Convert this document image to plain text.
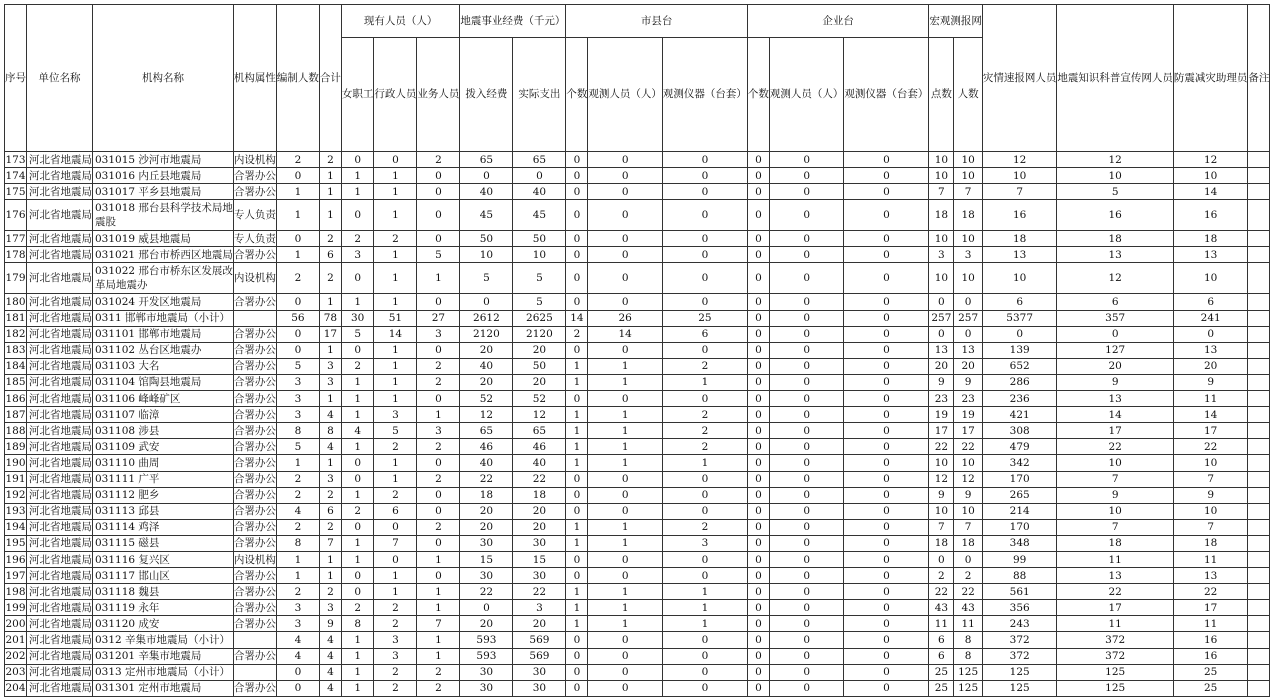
序号	单位名称	机构名称	机构属性	编制人数	合计	现有人员（人）			地震事业经费（千元）		市县台			企业台			宏观测报网		灾情速报网人员	地震知识科普宣传网人员	防震减灾助理员	备注
						女职工	行政人员	业务人员	拨入经费	实际支出	个数	观测人员（人）	观测仪器（台套）	个数	观测人员（人）	观测仪器（台套）	点数	人数				
173	河北省地震局	031015 沙河市地震局	内设机构	2	2	0	0	2	65	65	0	0	0	0	0	0	10	10	12	12	12	
174	河北省地震局	031016 内丘县地震局	合署办公	0	1	1	1	0	0	0	0	0	0	0	0	0	10	10	10	10	10	
175	河北省地震局	031017 平乡县地震局	合署办公	1	1	1	1	0	40	40	0	0	0	0	0	0	7	7	7	5	14	
176	河北省地震局	031018 邢台县科学技术局地震股	专人负责	1	1	0	1	0	45	45	0	0	0	0	0	0	18	18	16	16	16	
177	河北省地震局	031019 威县地震局	专人负责	0	2	2	2	0	50	50	0	0	0	0	0	0	10	10	18	18	18	
178	河北省地震局	031021 邢台市桥西区地震局	合署办公	1	6	3	1	5	10	10	0	0	0	0	0	0	3	3	13	13	13	
179	河北省地震局	031022 邢台市桥东区发展改革局地震办	内设机构	2	2	0	1	1	5	5	0	0	0	0	0	0	10	10	10	12	10	
180	河北省地震局	031024 开发区地震局	合署办公	0	1	1	1	0	0	5	0	0	0	0	0	0	0	0	6	6	6	
181	河北省地震局	0311 邯郸市地震局（小计）		56	78	30	51	27	2612	2625	14	26	25	0	0	0	257	257	5377	357	241	
182	河北省地震局	031101 邯郸市地震局	合署办公	0	17	5	14	3	2120	2120	2	14	6	0	0	0	0	0	0	0	0	
183	河北省地震局	031102 丛台区地震办	合署办公	0	1	0	1	0	20	20	0	0	0	0	0	0	13	13	139	127	13	
184	河北省地震局	031103 大名	合署办公	5	3	2	1	2	40	50	1	1	2	0	0	0	20	20	652	20	20	
185	河北省地震局	031104 馆陶县地震局	合署办公	3	3	1	1	2	20	20	1	1	1	0	0	0	9	9	286	9	9	
186	河北省地震局	031106 峰峰矿区	合署办公	3	1	1	1	0	52	52	0	0	0	0	0	0	23	23	236	13	11	
187	河北省地震局	031107 临漳	合署办公	3	4	1	3	1	12	12	1	1	2	0	0	0	19	19	421	14	14	
188	河北省地震局	031108 涉县	合署办公	8	8	4	5	3	65	65	1	1	2	0	0	0	17	17	308	17	17	
189	河北省地震局	031109 武安	合署办公	5	4	1	2	2	46	46	1	1	2	0	0	0	22	22	479	22	22	
190	河北省地震局	031110 曲周	合署办公	1	1	0	1	0	40	40	1	1	1	0	0	0	10	10	342	10	10	
191	河北省地震局	031111 广平	合署办公	2	3	0	1	2	22	22	0	0	0	0	0	0	12	12	170	7	7	
192	河北省地震局	031112 肥乡	合署办公	2	2	1	2	0	18	18	0	0	0	0	0	0	9	9	265	9	9	
193	河北省地震局	031113 邱县	合署办公	4	6	2	6	0	20	20	0	0	0	0	0	0	10	10	214	10	10	
194	河北省地震局	031114 鸡泽	合署办公	2	2	0	0	2	20	20	1	1	2	0	0	0	7	7	170	7	7	
195	河北省地震局	031115 磁县	合署办公	8	7	1	7	0	30	30	1	1	3	0	0	0	18	18	348	18	18	
196	河北省地震局	031116 复兴区	内设机构	1	1	1	0	1	15	15	0	0	0	0	0	0	0	0	99	11	11	
197	河北省地震局	031117 邯山区	合署办公	1	1	0	1	0	30	30	0	0	0	0	0	0	2	2	88	13	13	
198	河北省地震局	031118 魏县	合署办公	2	2	0	1	1	22	22	1	1	1	0	0	0	22	22	561	22	22	
199	河北省地震局	031119 永年	合署办公	3	3	2	2	1	0	3	1	1	1	0	0	0	43	43	356	17	17	
200	河北省地震局	031120 成安	合署办公	3	9	8	2	7	20	20	1	1	1	0	0	0	11	11	243	11	11	
201	河北省地震局	0312 辛集市地震局（小计）		4	4	1	3	1	593	569	0	0	0	0	0	0	6	8	372	372	16	
202	河北省地震局	031201 辛集市地震局	合署办公	4	4	1	3	1	593	569	0	0	0	0	0	0	6	8	372	372	16	
203	河北省地震局	0313 定州市地震局（小计）		0	4	1	2	2	30	30	0	0	0	0	0	0	25	125	125	125	25	
204	河北省地震局	031301 定州市地震局	合署办公	0	4	1	2	2	30	30	0	0	0	0	0	0	25	125	125	125	25	
